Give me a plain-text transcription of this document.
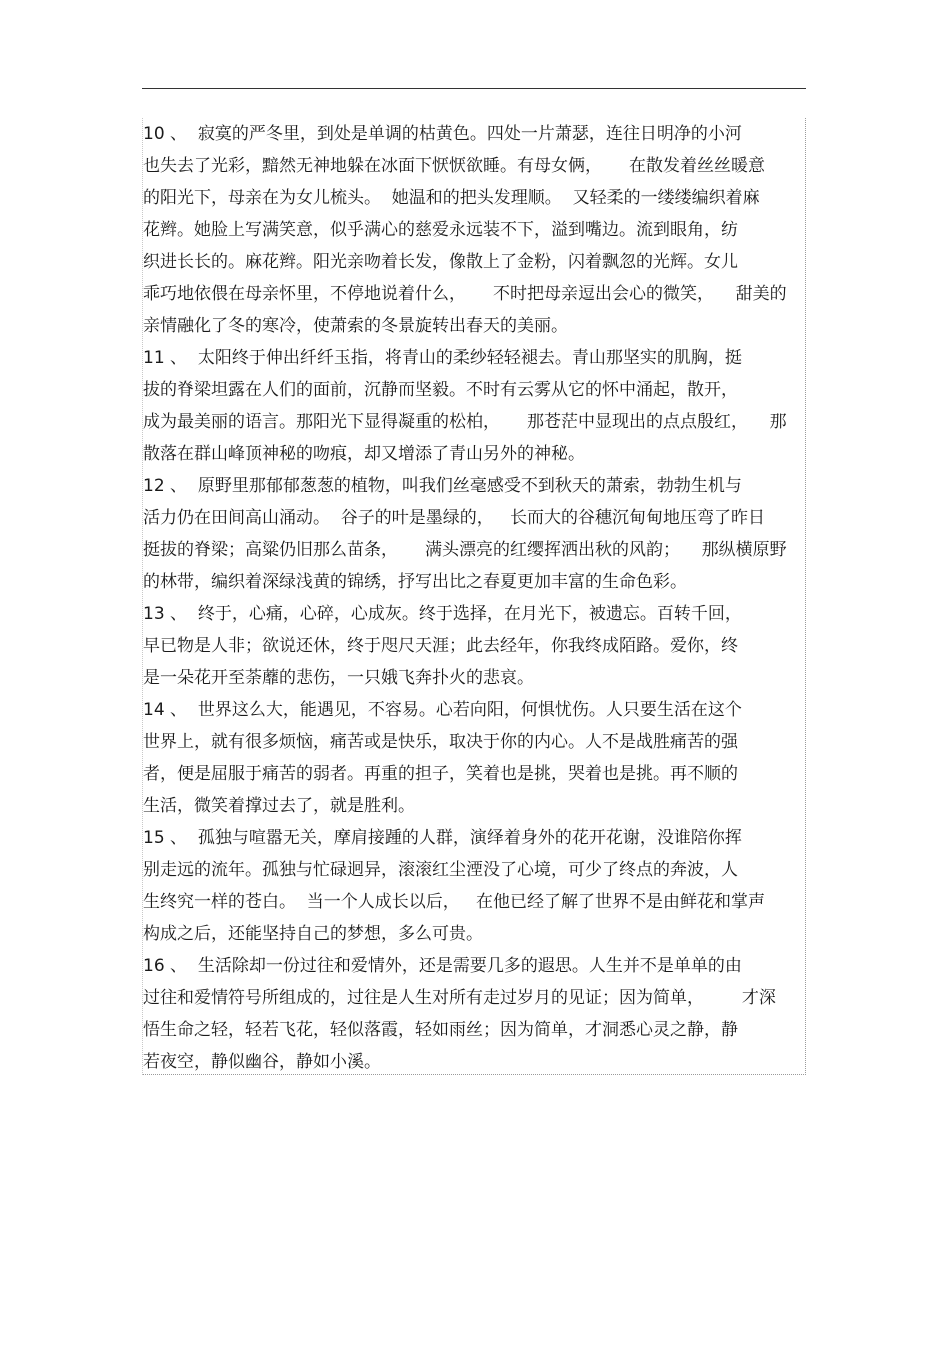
10 、  寂寞的严冬里，到处是单调的枯黄色。四处一片萧瑟，连往日明净的小河
也失去了光彩，黯然无神地躲在冰面下恹恹欲睡。有母女俩，     在散发着丝丝暖意
的阳光下，母亲在为女儿梳头。  她温和的把头发理顺。  又轻柔的一缕缕编织着麻
花辫。她脸上写满笑意，似乎满心的慈爱永远装不下，溢到嘴边。流到眼角，纺
织进长长的。麻花辫。阳光亲吻着长发，像散上了金粉，闪着飘忽的光辉。女儿
乖巧地依偎在母亲怀里，不停地说着什么，     不时把母亲逗出会心的微笑，    甜美的
亲情融化了冬的寒冷，使萧索的冬景旋转出春天的美丽。
11 、  太阳终于伸出纤纤玉指，将青山的柔纱轻轻褪去。青山那坚实的肌胸，挺
拔的脊梁坦露在人们的面前，沉静而坚毅。不时有云雾从它的怀中涌起，散开，
成为最美丽的语言。那阳光下显得凝重的松柏，     那苍茫中显现出的点点殷红，    那
散落在群山峰顶神秘的吻痕，却又增添了青山另外的神秘。
12 、  原野里那郁郁葱葱的植物，叫我们丝毫感受不到秋天的萧索，勃勃生机与
活力仍在田间高山涌动。  谷子的叶是墨绿的，   长而大的谷穗沉甸甸地压弯了昨日
挺拔的脊梁；高粱仍旧那么苗条，     满头漂亮的红缨挥洒出秋的风韵；    那纵横原野
的林带，编织着深绿浅黄的锦绣，抒写出比之春夏更加丰富的生命色彩。
13 、  终于，心痛，心碎，心成灰。终于选择，在月光下，被遗忘。百转千回，
早已物是人非；欲说还休，终于咫尺天涯；此去经年，你我终成陌路。爱你，终
是一朵花开至荼蘼的悲伤，一只娥飞奔扑火的悲哀。
14 、  世界这么大，能遇见，不容易。心若向阳，何惧忧伤。人只要生活在这个
世界上，就有很多烦恼，痛苦或是快乐，取决于你的内心。人不是战胜痛苦的强
者，便是屈服于痛苦的弱者。再重的担子，笑着也是挑，哭着也是挑。再不顺的
生活，微笑着撑过去了，就是胜利。
15 、  孤独与喧嚣无关，摩肩接踵的人群，演绎着身外的花开花谢，没谁陪你挥
别走远的流年。孤独与忙碌迥异，滚滚红尘湮没了心境，可少了终点的奔波，人
生终究一样的苍白。  当一个人成长以后，   在他已经了解了世界不是由鲜花和掌声
构成之后，还能坚持自己的梦想，多么可贵。
16 、  生活除却一份过往和爱情外，还是需要几多的遐思。人生并不是单单的由
过往和爱情符号所组成的，过往是人生对所有走过岁月的见证；因为简单，       才深
悟生命之轻，轻若飞花，轻似落霞，轻如雨丝；因为简单，才洞悉心灵之静，静
若夜空，静似幽谷，静如小溪。
